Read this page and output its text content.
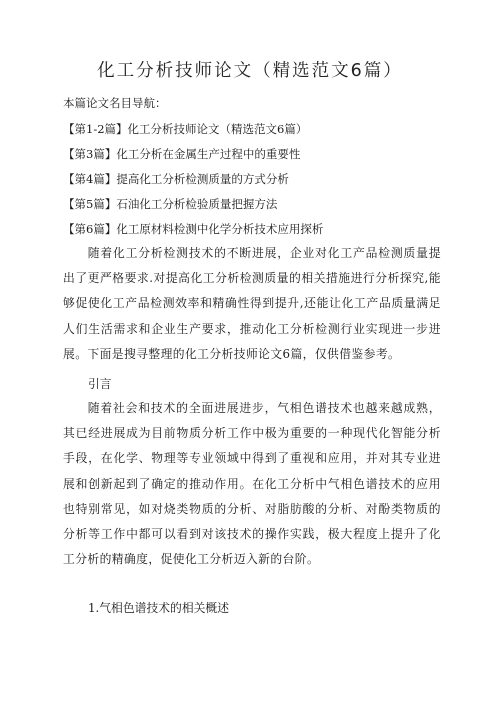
化工分析技师论文（精选范文6篇）
本篇论文名目导航：
【第1-2篇】化工分析技师论文（精选范文6篇）
【第3篇】化工分析在金属生产过程中的重要性
【第4篇】提高化工分析检测质量的方式分析
【第5篇】石油化工分析检验质量把握方法
【第6篇】化工原材料检测中化学分析技术应用探析

随着化工分析检测技术的不断进展，企业对化工产品检测质量提出了更严格要求.对提高化工分析检测质量的相关措施进行分析探究,能够促使化工产品检测效率和精确性得到提升,还能让化工产品质量满足人们生活需求和企业生产要求，推动化工分析检测行业实现进一步进展。下面是搜寻整理的化工分析技师论文6篇，仅供借鉴参考。

引言

随着社会和技术的全面进展进步，气相色谱技术也越来越成熟，其已经进展成为目前物质分析工作中极为重要的一种现代化智能分析手段，在化学、物理等专业领域中得到了重视和应用，并对其专业进展和创新起到了确定的推动作用。在化工分析中气相色谱技术的应用也特别常见，如对烧类物质的分析、对脂肪酸的分析、对酚类物质的分析等工作中都可以看到对该技术的操作实践，极大程度上提升了化工分析的精确度，促使化工分析迈入新的台阶。

1.气相色谱技术的相关概述
